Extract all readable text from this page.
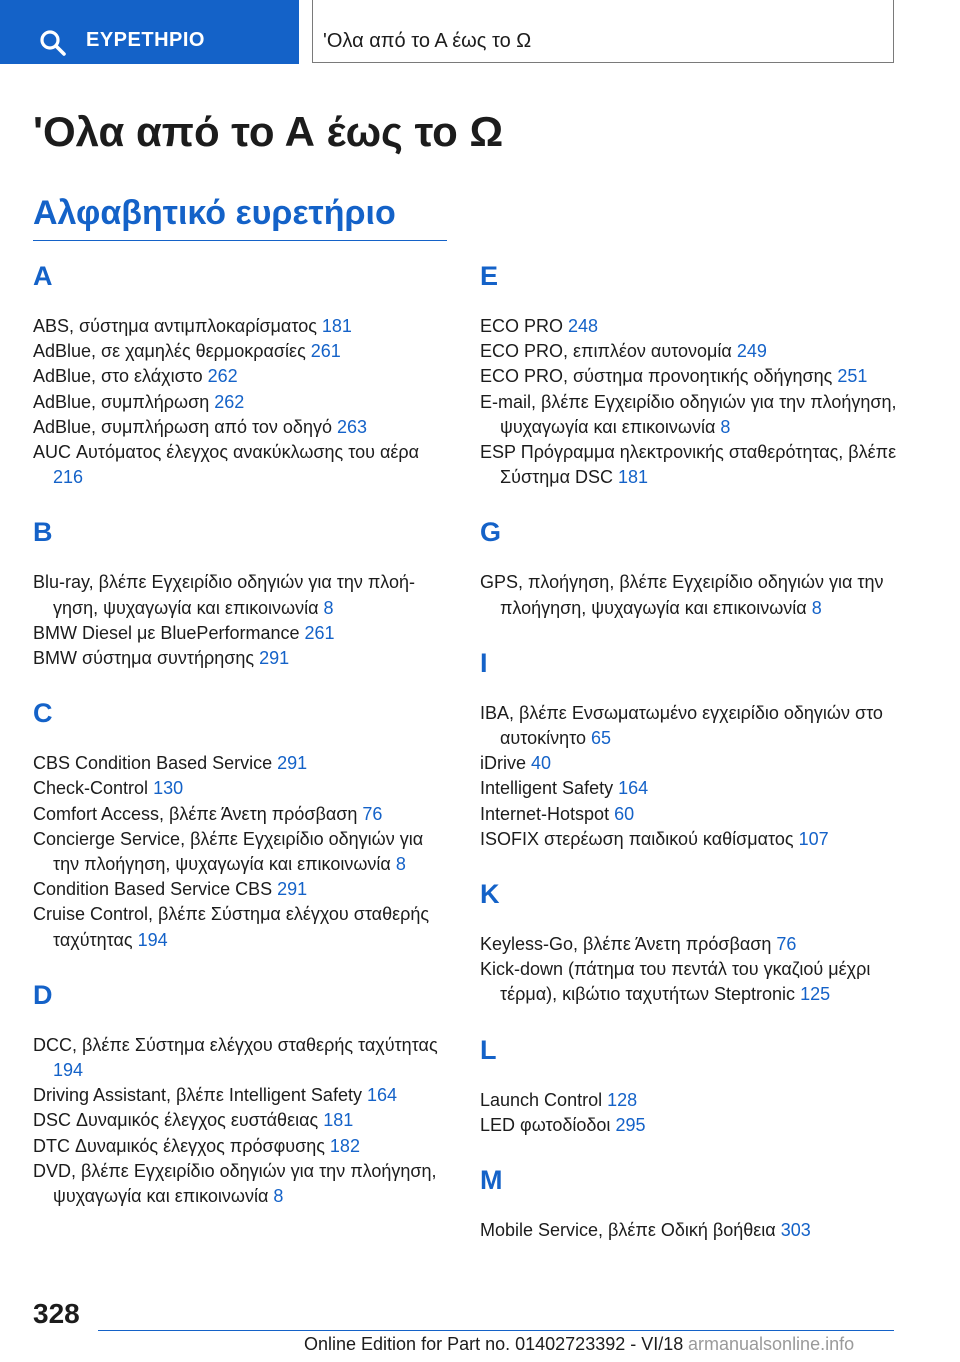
ΕΥΡΕΤΗΡΙΟ	'Ολα από το Α έως το Ω
'Ολα από το Α έως το Ω
Αλφαβητικό ευρετήριο

A

ABS, σύστημα αντιμπλοκαρίσματος 181

AdBlue, σε χαμηλές θερμοκρασίες 261

AdBlue, στο ελάχιστο 262

AdBlue, συμπλήρωση 262

AdBlue, συμπλήρωση από τον οδηγό 263

AUC Αυτόματος έλεγχος ανακύκλωσης του αέρα 216

B

Blu-ray, βλέπε Εγχειρίδιο οδηγιών για την πλοήγηση, ψυχαγωγία και επικοινωνία 8

BMW Diesel με BluePerformance 261

BMW σύστημα συντήρησης 291

C

CBS Condition Based Service 291

Check-Control 130

Comfort Access, βλέπε Άνετη πρόσβαση 76

Concierge Service, βλέπε Εγχειρίδιο οδηγιών για την πλοήγηση, ψυχαγωγία και επικοινωνία 8

Condition Based Service CBS 291

Cruise Control, βλέπε Σύστημα ελέγχου σταθερής ταχύτητας 194

D

DCC, βλέπε Σύστημα ελέγχου σταθερής ταχύτητας 194

Driving Assistant, βλέπε Intelligent Safety 164

DSC Δυναμικός έλεγχος ευστάθειας 181

DTC Δυναμικός έλεγχος πρόσφυσης 182

DVD, βλέπε Εγχειρίδιο οδηγιών για την πλοήγηση, ψυχαγωγία και επικοινωνία 8

E

ECO PRO 248

ECO PRO, επιπλέον αυτονομία 249

ECO PRO, σύστημα προνοητικής οδήγησης 251

E-mail, βλέπε Εγχειρίδιο οδηγιών για την πλοήγηση, ψυχαγωγία και επικοινωνία 8

ESP Πρόγραμμα ηλεκτρονικής σταθερότητας, βλέπε Σύστημα DSC 181

G

GPS, πλοήγηση, βλέπε Εγχειρίδιο οδηγιών για την πλοήγηση, ψυχαγωγία και επικοινωνία 8

I

IBA, βλέπε Ενσωματωμένο εγχειρίδιο οδηγιών στο αυτοκίνητο 65

iDrive 40

Intelligent Safety 164

Internet-Hotspot 60

ISOFIX στερέωση παιδικού καθίσματος 107

K

Keyless-Go, βλέπε Άνετη πρόσβαση 76

Kick-down (πάτημα του πεντάλ του γκαζιού μέχρι τέρμα), κιβώτιο ταχυτήτων Steptronic 125

L

Launch Control 128

LED φωτοδίοδοι 295

M

Mobile Service, βλέπε Οδική βοήθεια 303

328
Online Edition for Part no. 01402723392 - VI/18 armanualsonline.info
